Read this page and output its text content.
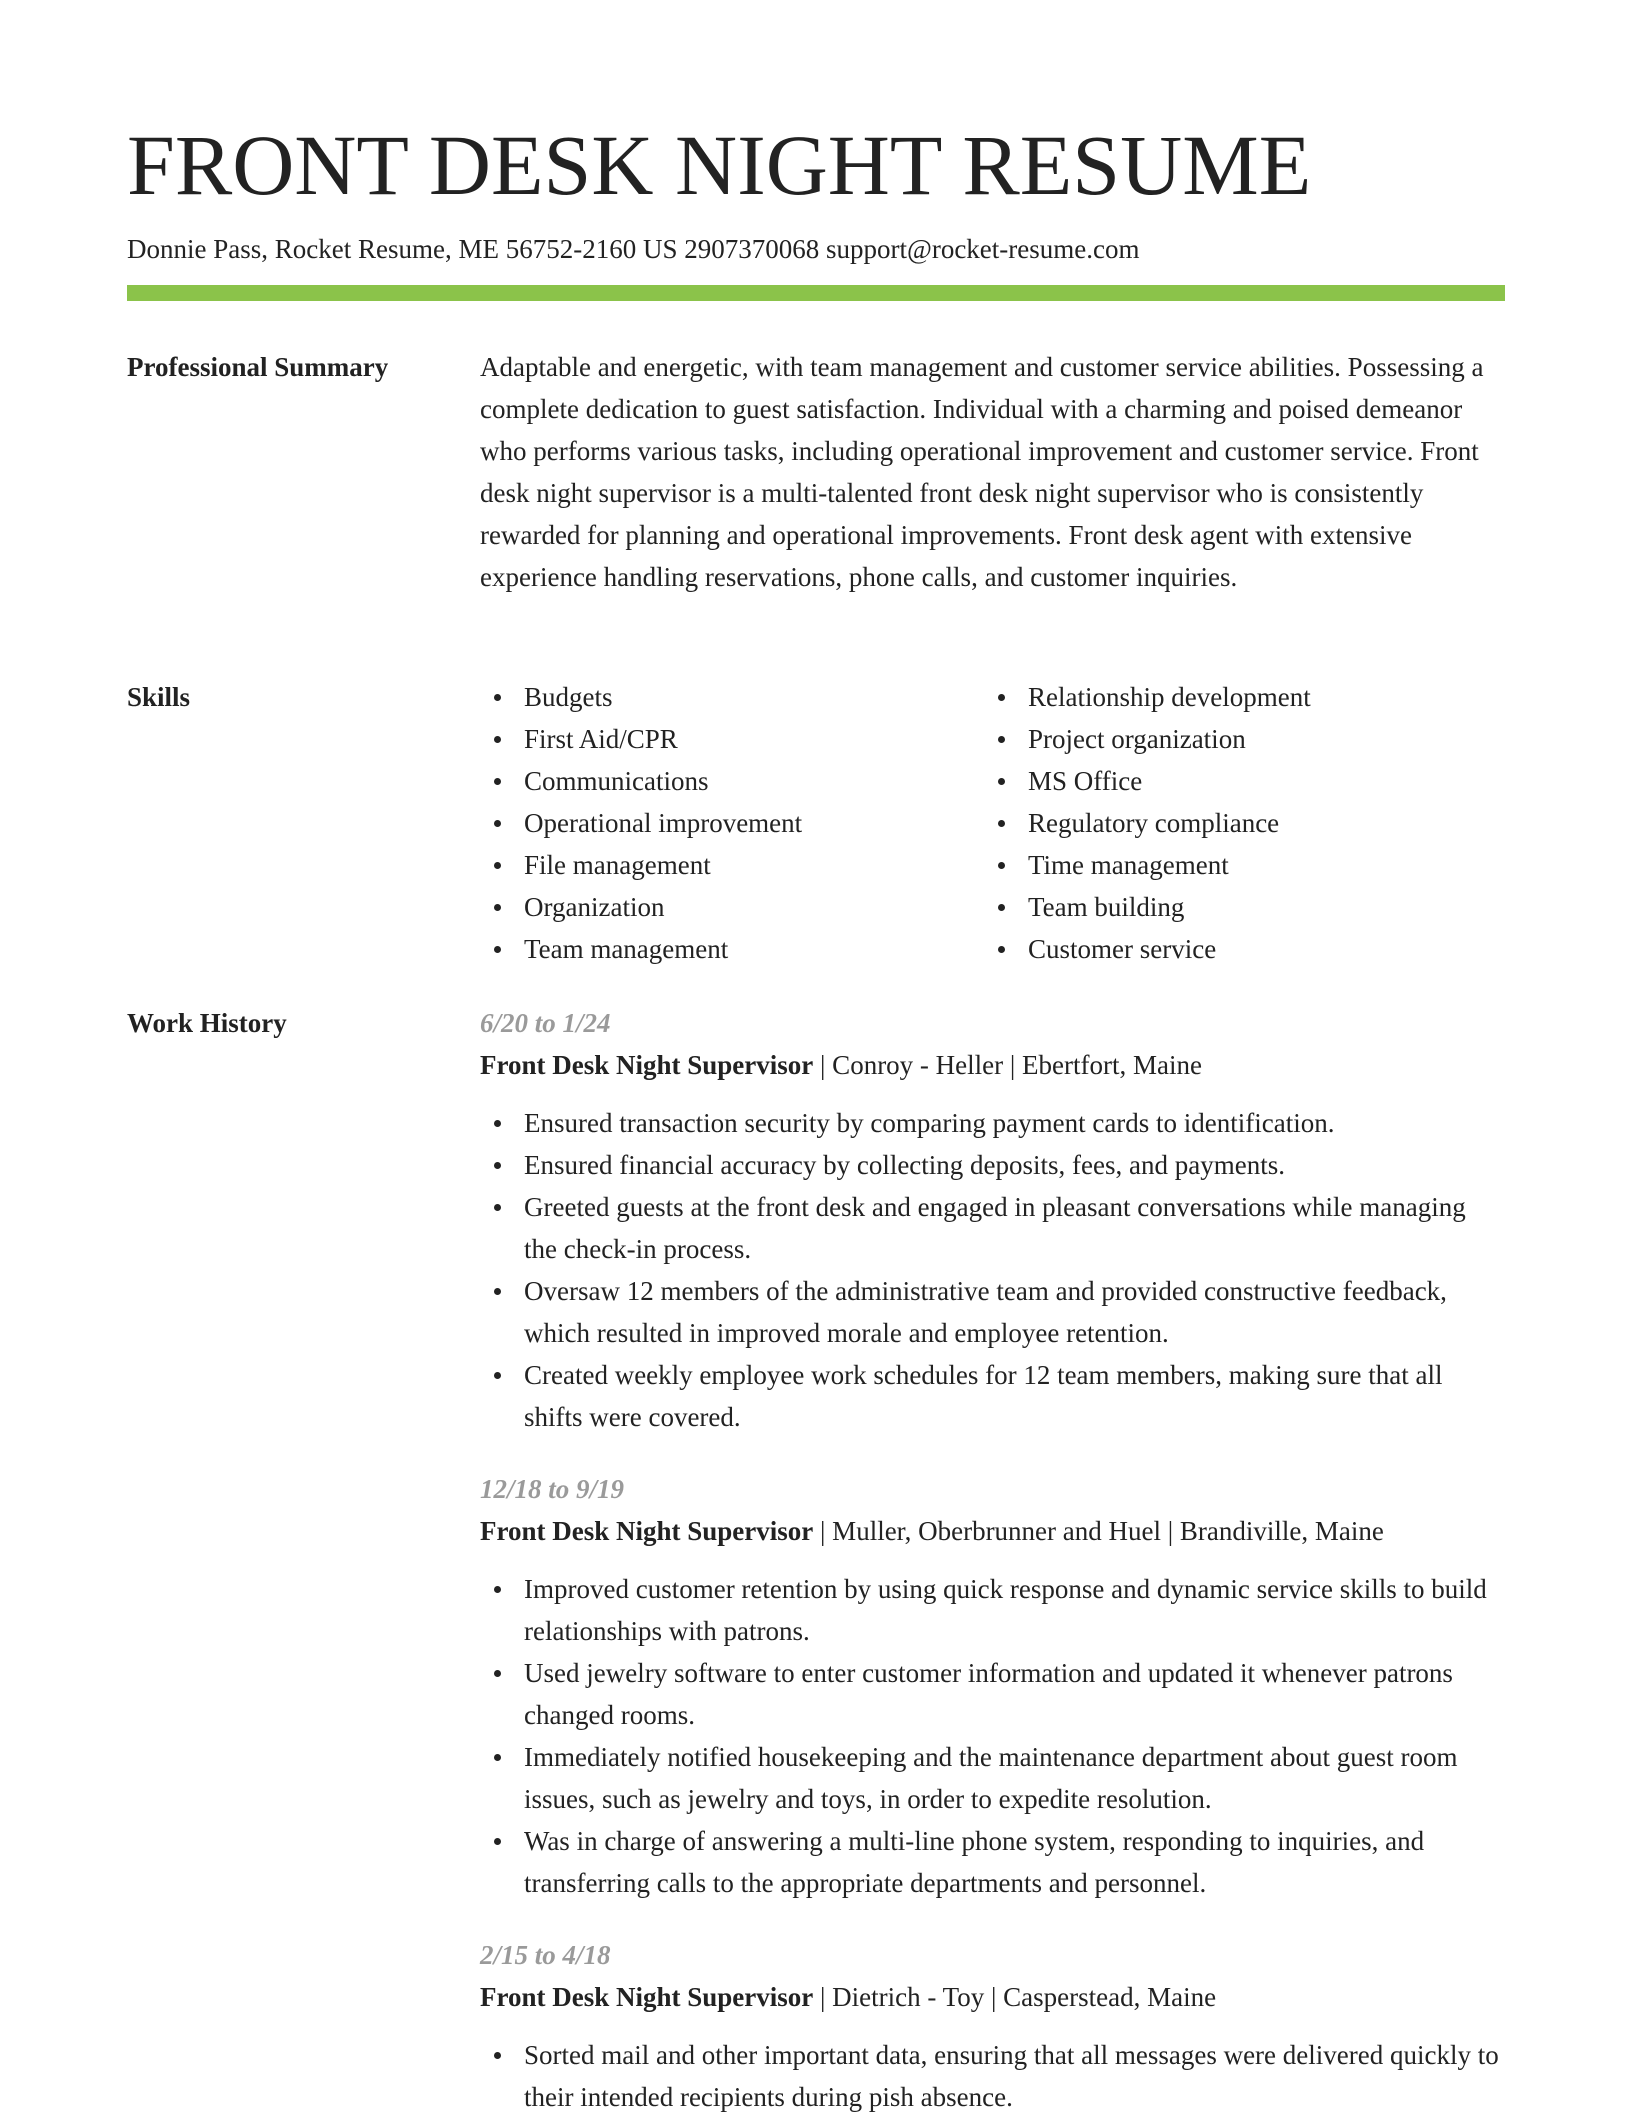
FRONT DESK NIGHT RESUME
Donnie Pass, Rocket Resume, ME 56752-2160 US 2907370068 support@rocket-resume.com
Professional Summary	Adaptable and energetic, with team management and customer service abilities. Possessing a complete dedication to guest satisfaction. Individual with a charming and poised demeanor who performs various tasks, including operational improvement and customer service. Front desk night supervisor is a multi-talented front desk night supervisor who is consistently rewarded for planning and operational improvements. Front desk agent with extensive experience handling reservations, phone calls, and customer inquiries.
Skills	Budgets
First Aid/CPR
Communications
Operational improvement
File management
Organization
Team management
Relationship development
Project organization
MS Office
Regulatory compliance
Time management
Team building
Customer service
Work History	6/20 to 1/24
Front Desk Night Supervisor | Conroy - Heller | Ebertfort, Maine
Ensured transaction security by comparing payment cards to identification.
Ensured financial accuracy by collecting deposits, fees, and payments.
Greeted guests at the front desk and engaged in pleasant conversations while managing the check-in process.
Oversaw 12 members of the administrative team and provided constructive feedback, which resulted in improved morale and employee retention.
Created weekly employee work schedules for 12 team members, making sure that all shifts were covered.
12/18 to 9/19
Front Desk Night Supervisor | Muller, Oberbrunner and Huel | Brandiville, Maine
Improved customer retention by using quick response and dynamic service skills to build relationships with patrons.
Used jewelry software to enter customer information and updated it whenever patrons changed rooms.
Immediately notified housekeeping and the maintenance department about guest room issues, such as jewelry and toys, in order to expedite resolution.
Was in charge of answering a multi-line phone system, responding to inquiries, and transferring calls to the appropriate departments and personnel.
2/15 to 4/18
Front Desk Night Supervisor | Dietrich - Toy | Casperstead, Maine
Sorted mail and other important data, ensuring that all messages were delivered quickly to their intended recipients during pish absence.
